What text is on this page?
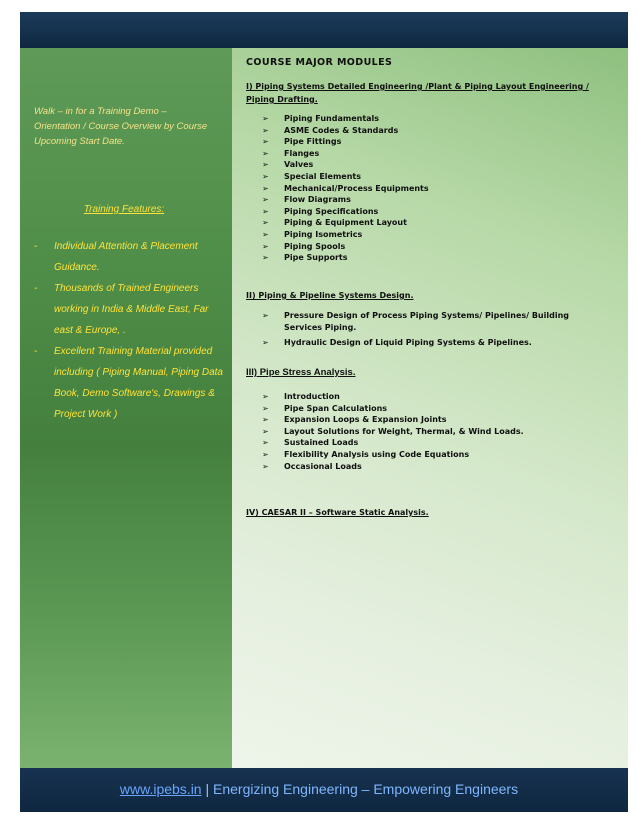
Walk – in for a Training Demo – Orientation / Course Overview by Course Upcoming Start Date.
Training Features:
- Individual Attention & Placement Guidance.
- Thousands of Trained Engineers working in India & Middle East, Far east & Europe, .
- Excellent Training Material provided including ( Piping Manual, Piping Data Book, Demo Software's, Drawings & Project Work )
COURSE MAJOR MODULES
I) Piping Systems Detailed Engineering /Plant & Piping Layout Engineering / Piping Drafting.
➢ Piping Fundamentals
➢ ASME Codes & Standards
➢ Pipe Fittings
➢ Flanges
➢ Valves
➢ Special Elements
➢ Mechanical/Process Equipments
➢ Flow Diagrams
➢ Piping Specifications
➢ Piping & Equipment Layout
➢ Piping Isometrics
➢ Piping Spools
➢ Pipe Supports
II) Piping & Pipeline Systems Design.
➢ Pressure Design of Process Piping Systems/ Pipelines/ Building Services Piping.
➢ Hydraulic Design of Liquid Piping Systems & Pipelines.
III) Pipe Stress Analysis.
➢ Introduction
➢ Pipe Span Calculations
➢ Expansion Loops & Expansion Joints
➢ Layout Solutions for Weight, Thermal, & Wind Loads.
➢ Sustained Loads
➢ Flexibility Analysis using Code Equations
➢ Occasional Loads
IV) CAESAR II – Software Static Analysis.
www.ipebs.in | Energizing Engineering – Empowering Engineers
